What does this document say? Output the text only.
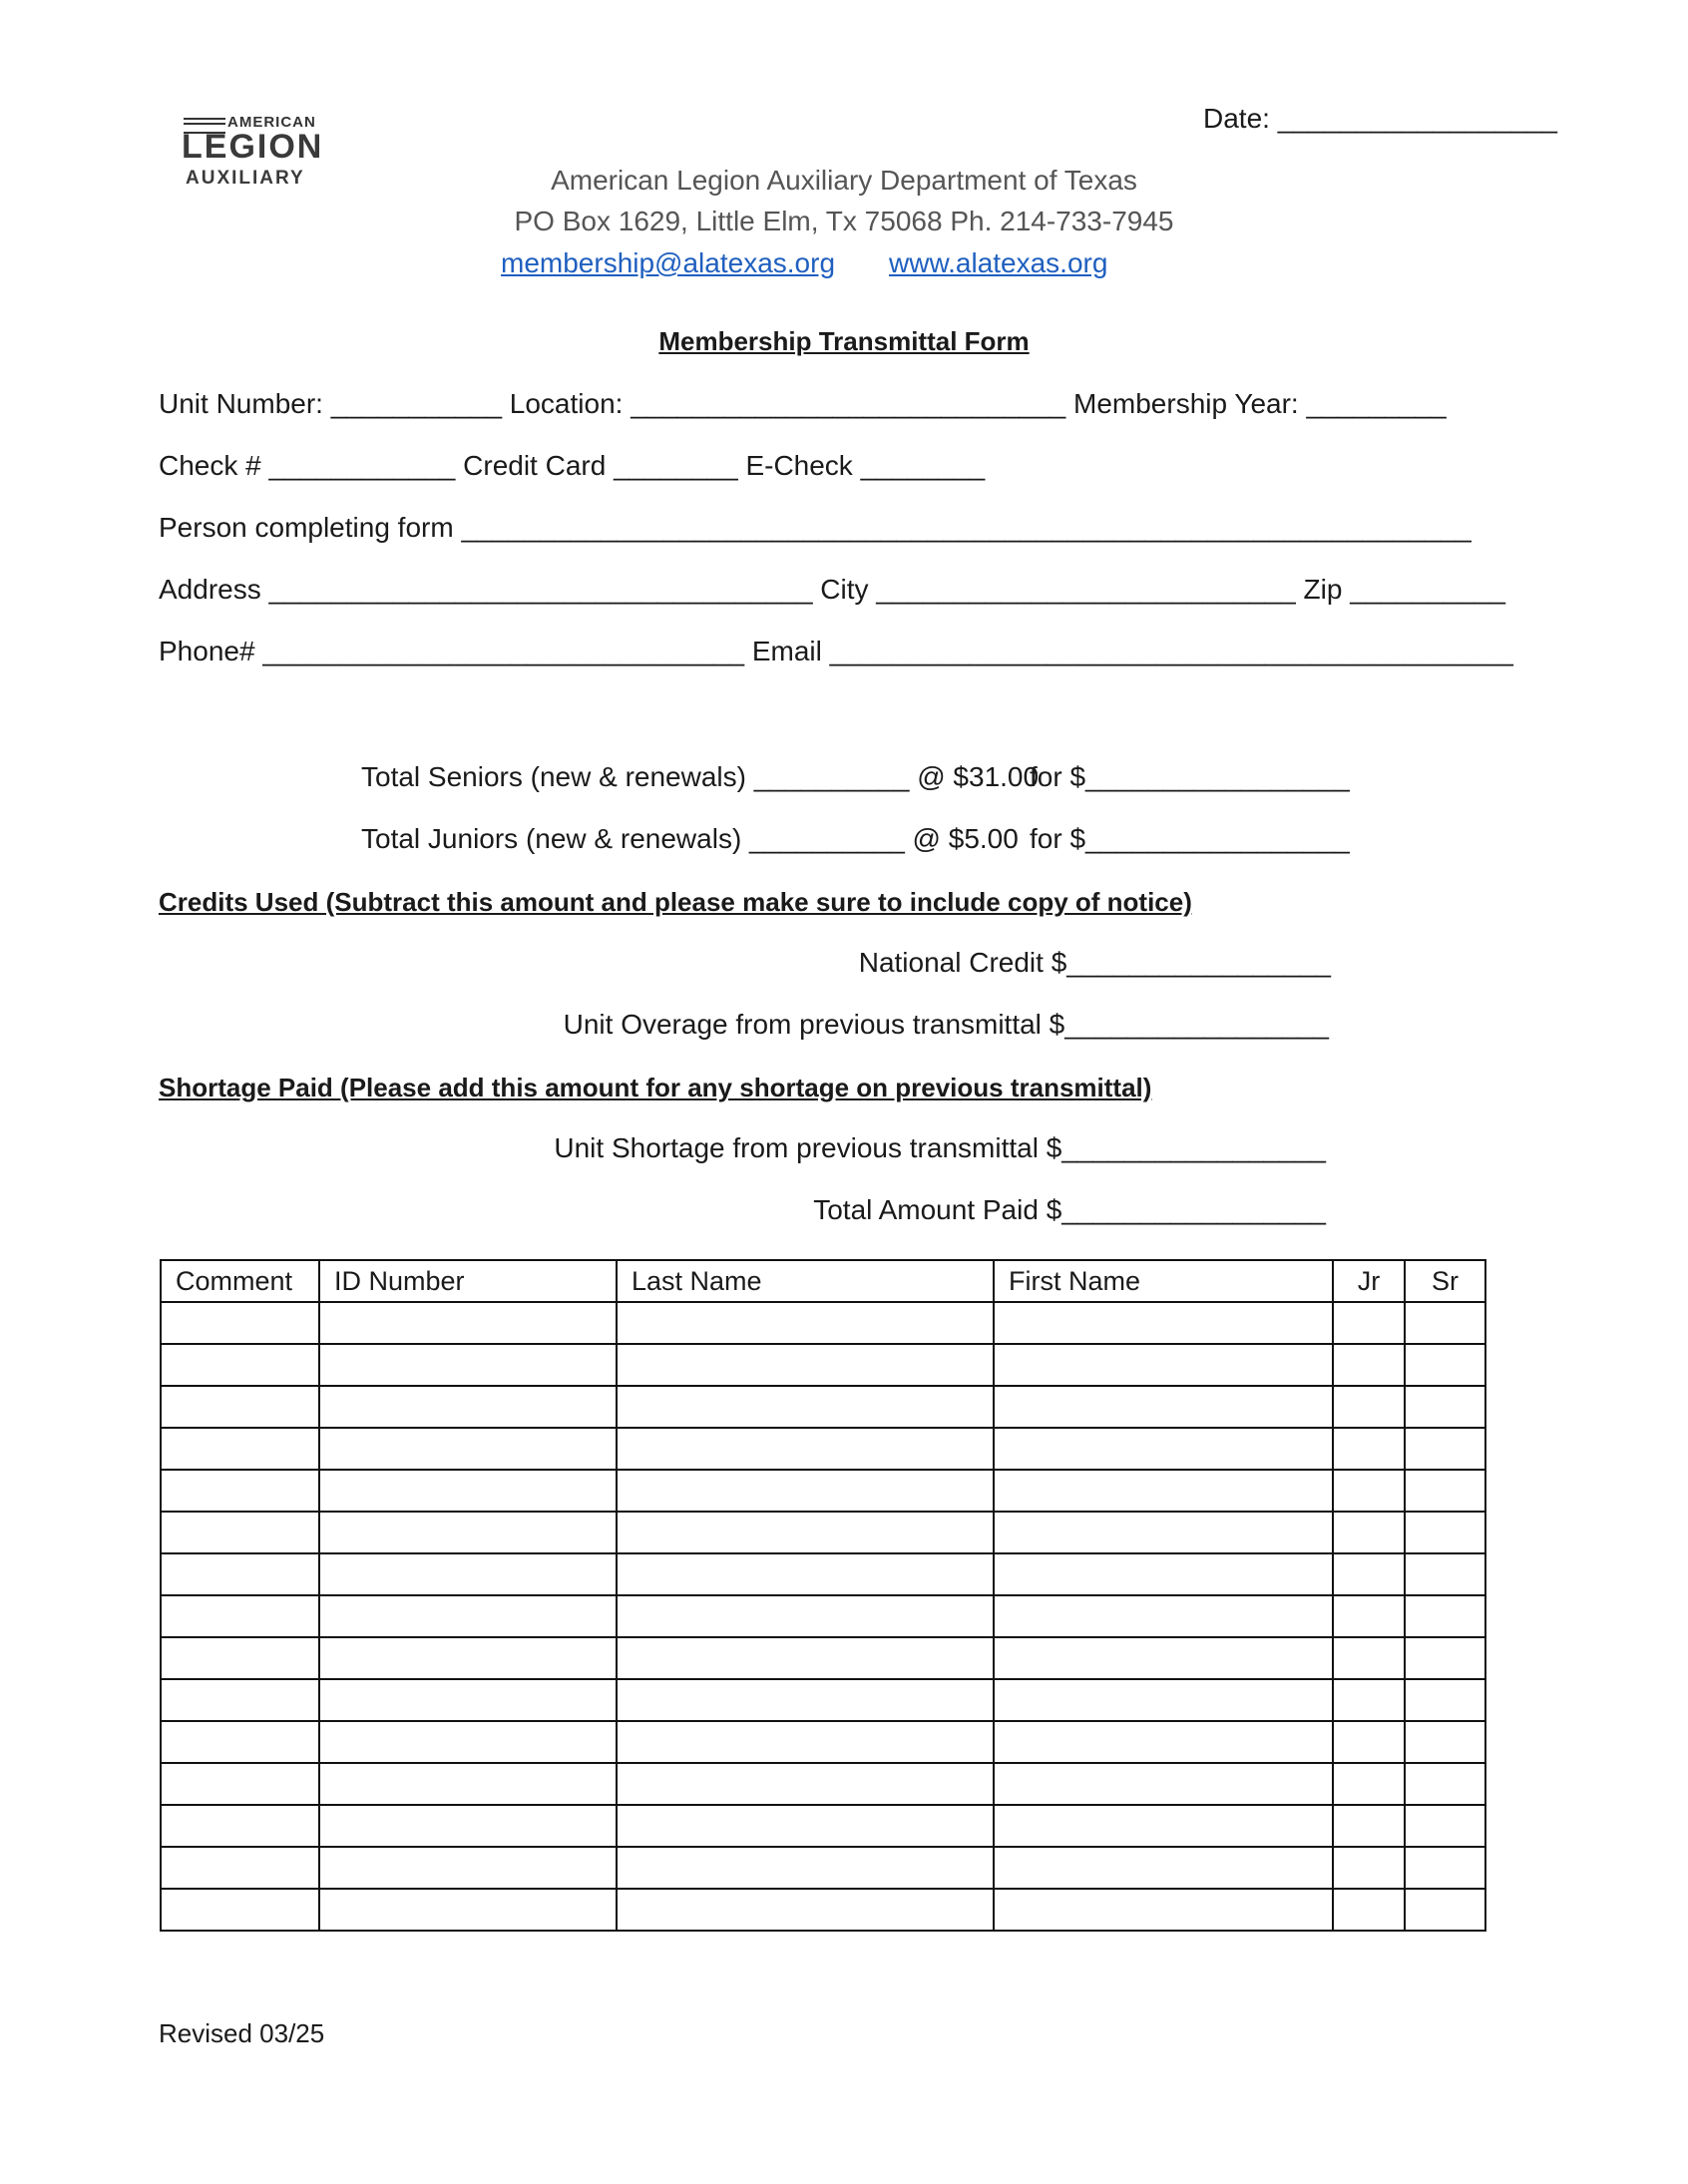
AMERICAN
LEGION
AUXILIARY
Date: __________________
American Legion Auxiliary Department of Texas
PO Box 1629, Little Elm, Tx 75068 Ph. 214-733-7945
membership@alatexas.org www.alatexas.org
Membership Transmittal Form
Unit Number: ___________ Location: ____________________________ Membership Year: _________
Check # ____________ Credit Card ________ E-Check ________
Person completing form _________________________________________________________________
Address ___________________________________ City ___________________________ Zip __________
Phone# _______________________________ Email ____________________________________________
Total Seniors (new & renewals) __________ @ $31.00
for $_________________
Total Juniors (new & renewals) __________ @ $5.00 for $_________________
Credits Used (Subtract this amount and please make sure to include copy of notice)
National Credit $_________________
Unit Overage from previous transmittal $_________________
Shortage Paid (Please add this amount for any shortage on previous transmittal)
Unit Shortage from previous transmittal $_________________
Total Amount Paid $_________________
Comment	ID Number	Last Name	First Name	Jr	Sr

Revised 03/25
